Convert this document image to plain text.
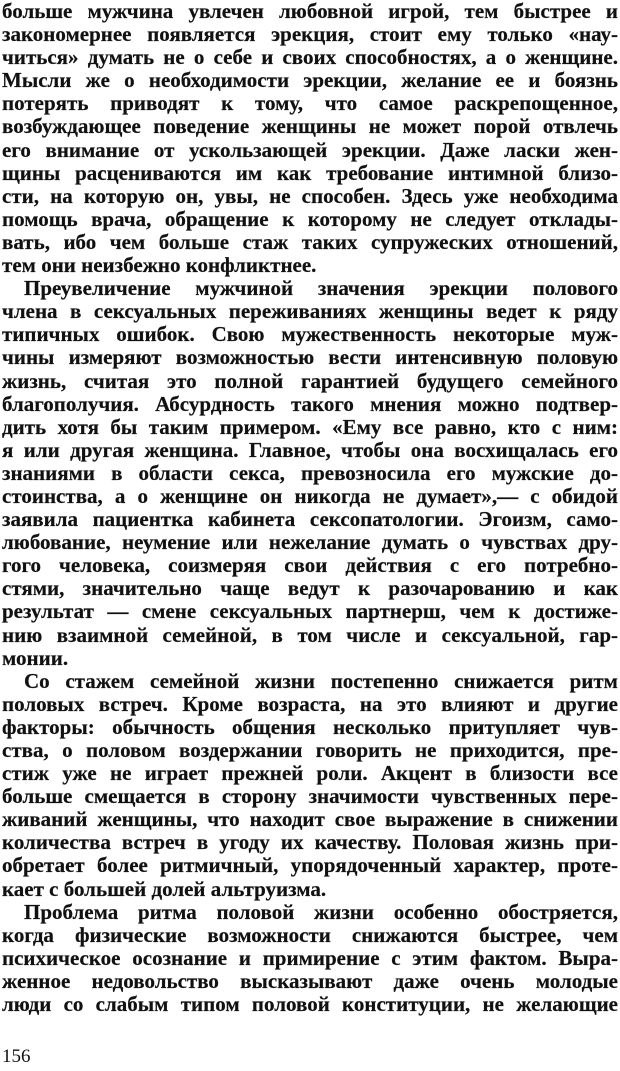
больше мужчина увлечен любовной игрой, тем быстрее и
закономернее появляется эрекция, стоит ему только «нау-
читься» думать не о себе и своих способностях, а о женщине.
Мысли же о необходимости эрекции, желание ее и боязнь
потерять приводят к тому, что самое раскрепощенное,
возбуждающее поведение женщины не может порой отвлечь
его внимание от ускользающей эрекции. Даже ласки жен-
щины расцениваются им как требование интимной близо-
сти, на которую он, увы, не способен. Здесь уже необходима
помощь врача, обращение к которому не следует отклады-
вать, ибо чем больше стаж таких супружеских отношений,
тем они неизбежно конфликтнее.
Преувеличение мужчиной значения эрекции полового
члена в сексуальных переживаниях женщины ведет к ряду
типичных ошибок. Свою мужественность некоторые муж-
чины измеряют возможностью вести интенсивную половую
жизнь, считая это полной гарантией будущего семейного
благополучия. Абсурдность такого мнения можно подтвер-
дить хотя бы таким примером. «Ему все равно, кто с ним:
я или другая женщина. Главное, чтобы она восхищалась его
знаниями в области секса, превозносила его мужские до-
стоинства, а о женщине он никогда не думает»,— с обидой
заявила пациентка кабинета сексопатологии. Эгоизм, само-
любование, неумение или нежелание думать о чувствах дру-
гого человека, соизмеряя свои действия с его потребно-
стями, значительно чаще ведут к разочарованию и как
результат — смене сексуальных партнерш, чем к достиже-
нию взаимной семейной, в том числе и сексуальной, гар-
монии.
Со стажем семейной жизни постепенно снижается ритм
половых встреч. Кроме возраста, на это влияют и другие
факторы: обычность общения несколько притупляет чув-
ства, о половом воздержании говорить не приходится, пре-
стиж уже не играет прежней роли. Акцент в близости все
больше смещается в сторону значимости чувственных пере-
живаний женщины, что находит свое выражение в снижении
количества встреч в угоду их качеству. Половая жизнь при-
обретает более ритмичный, упорядоченный характер, проте-
кает с большей долей альтруизма.
Проблема ритма половой жизни особенно обостряется,
когда физические возможности снижаются быстрее, чем
психическое осознание и примирение с этим фактом. Выра-
женное недовольство высказывают даже очень молодые
люди со слабым типом половой конституции, не желающие
156
